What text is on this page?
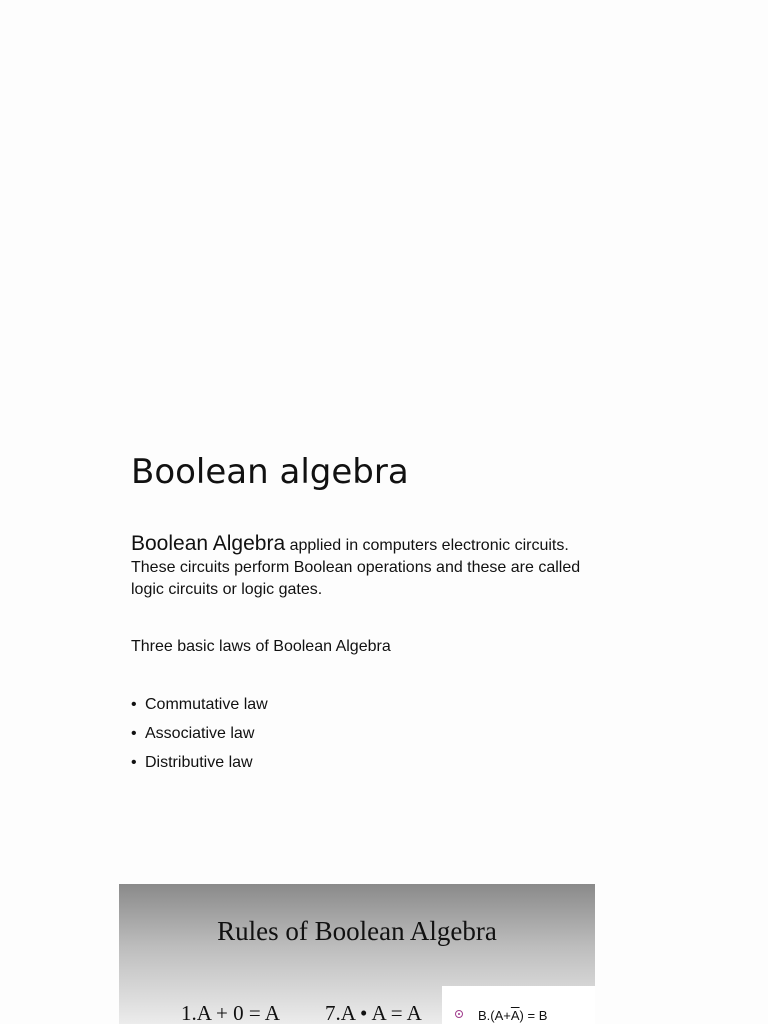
Boolean algebra

Boolean Algebra applied in computers electronic circuits. These circuits perform Boolean operations and these are called logic circuits or logic gates.

Three basic laws of Boolean Algebra

• Commutative law
• Associative law
• Distributive law
Rules of Boolean Algebra
1.A + 0 = A 7.A • A = A	$B.(A+\overline{A}) = B$
